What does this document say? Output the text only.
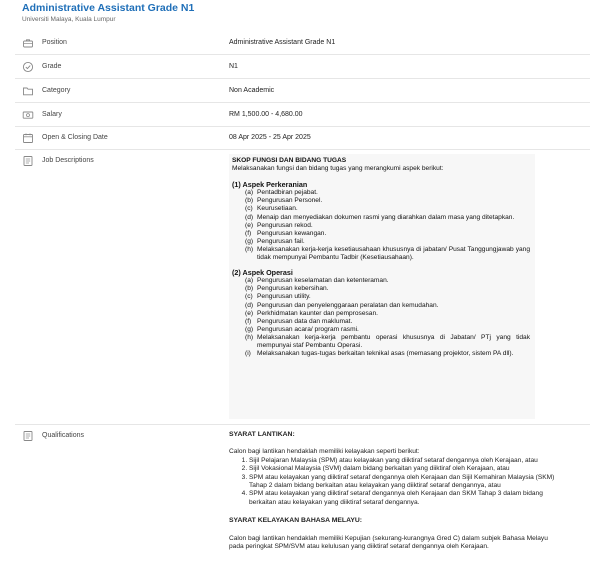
Administrative Assistant Grade N1
Universiti Malaya, Kuala Lumpur
Position	Administrative Assistant Grade N1
Grade	N1
Category	Non Academic
Salary	RM 1,500.00 - 4,680.00
Open & Closing Date	08 Apr 2025 - 25 Apr 2025
Job Descriptions	SKOP FUNGSI DAN BIDANG TUGAS
Melaksanakan fungsi dan bidang tugas yang merangkumi aspek berikut:
(1) Aspek Perkeranian
(a) Pentadbiran pejabat.
(b) Pengurusan Personel.
(c) Keurusetiaan.
(d) Menaip dan menyediakan dokumen rasmi yang diarahkan dalam masa yang ditetapkan.
(e) Pengurusan rekod.
(f) Pengurusan kewangan.
(g) Pengurusan fail.
(h) Melaksanakan kerja-kerja kesetiausahaan khususnya di jabatan/ Pusat Tanggungjawab yang tidak mempunyai Pembantu Tadbir (Kesetiausahaan).
(2) Aspek Operasi
(a) Pengurusan keselamatan dan ketenteraman.
(b) Pengurusan kebersihan.
(c) Pengurusan utility.
(d) Pengurusan dan penyelenggaraan peralatan dan kemudahan.
(e) Perkhidmatan kaunter dan pemprosesan.
(f) Pengurusan data dan maklumat.
(g) Pengurusan acara/ program rasmi.
(h) Melaksanakan kerja-kerja pembantu operasi khususnya di Jabatan/ PTj yang tidak mempunyai staf Pembantu Operasi.
(i) Melaksanakan tugas-tugas berkaitan teknikal asas (memasang projektor, sistem PA dll).
Qualifications	SYARAT LANTIKAN:
Calon bagi lantikan hendaklah memiliki kelayakan seperti berikut:
1. Sijil Pelajaran Malaysia (SPM) atau kelayakan yang diiktiraf setaraf dengannya oleh Kerajaan, atau
2. Sijil Vokasional Malaysia (SVM) dalam bidang berkaitan yang diiktiraf oleh Kerajaan, atau
3. SPM atau kelayakan yang diiktiraf setaraf dengannya oleh Kerajaan dan Sijil Kemahiran Malaysia (SKM) Tahap 2 dalam bidang berkaitan atau kelayakan yang diiktiraf setaraf dengannya, atau
4. SPM atau kelayakan yang diiktiraf setaraf dengannya oleh Kerajaan dan SKM Tahap 3 dalam bidang berkaitan atau kelayakan yang diiktiraf setaraf dengannya.
SYARAT KELAYAKAN BAHASA MELAYU:
Calon bagi lantikan hendaklah memiliki Kepujian (sekurang-kurangnya Gred C) dalam subjek Bahasa Melayu pada peringkat SPM/SVM atau kelulusan yang diiktiraf setaraf dengannya oleh Kerajaan.
